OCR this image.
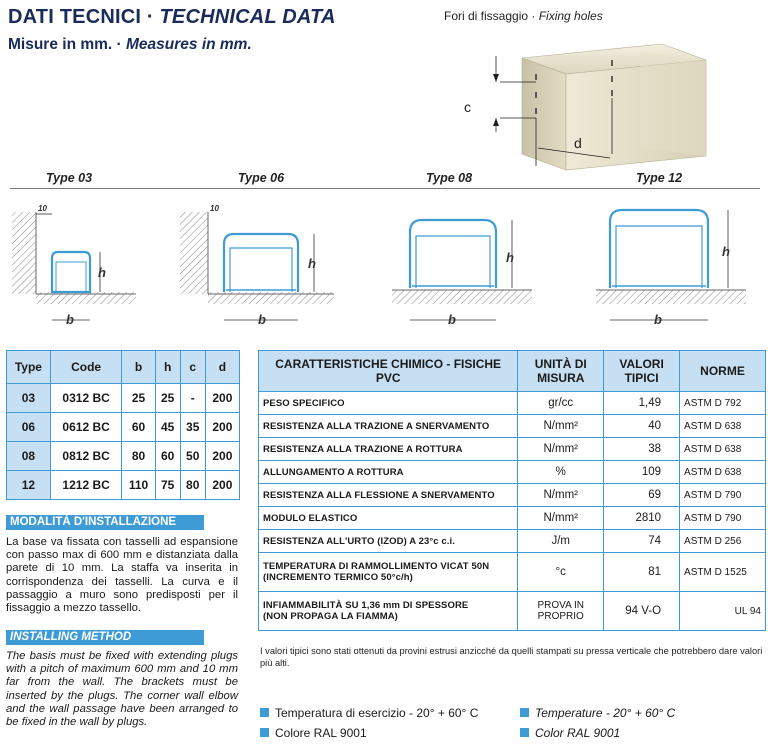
DATI TECNICI · TECHNICAL DATA
Misure in mm. · Measures in mm.
Fori di fissaggio · Fixing holes
c
d
Type 03	Type 06	Type 08	Type 12
10
h
b
10
h
b
h
b
h
b
Type	Code	b	h	c	d
03	0312 BC	25	25	-	200
06	0612 BC	60	45	35	200
08	0812 BC	80	60	50	200
12	1212 BC	110	75	80	200
CARATTERISTICHE CHIMICO - FISICHE PVC	UNITÀ DI MISURA	VALORI TIPICI	NORME
PESO SPECIFICO	gr/cc	1,49	ASTM D 792
RESISTENZA ALLA TRAZIONE A SNERVAMENTO	N/mm²	40	ASTM D 638
RESISTENZA ALLA TRAZIONE A ROTTURA	N/mm²	38	ASTM D 638
ALLUNGAMENTO A ROTTURA	%	109	ASTM D 638
RESISTENZA ALLA FLESSIONE A SNERVAMENTO	N/mm²	69	ASTM D 790
MODULO ELASTICO	N/mm²	2810	ASTM D 790
RESISTENZA ALL'URTO (IZOD) A 23°c c.i.	J/m	74	ASTM D 256

TEMPERATURA DI RAMMOLLIMENTO VICAT 50N
(INCREMENTO TERMICO 50°c/h)	°c	81	ASTM D 1525

INFIAMMABILITÀ SU 1,36 mm DI SPESSORE
(NON PROPAGA LA FIAMMA)	PROVA IN PROPRIO	94 V-O	UL 94
MODALITÀ D'INSTALLAZIONE
La base va fissata con tasselli ad espansione con passo max di 600 mm e distanziata dalla parete di 10 mm. La staffa va inserita in corrispondenza dei tasselli. La curva e il passaggio a muro sono predisposti per il fissaggio a mezzo tassello.
INSTALLING METHOD
The basis must be fixed with extending plugs with a pitch of maximum 600 mm and 10 mm far from the wall. The brackets must be inserted by the plugs. The corner wall elbow and the wall passage have been arranged to be fixed in the wall by plugs.
I valori tipici sono stati ottenuti da provini estrusi anzicché da quelli stampati su pressa verticale che potrebbero dare valori più alti.
Temperatura di esercizio - 20° + 60° C
Colore RAL 9001
Temperature - 20° + 60° C
Color RAL 9001
